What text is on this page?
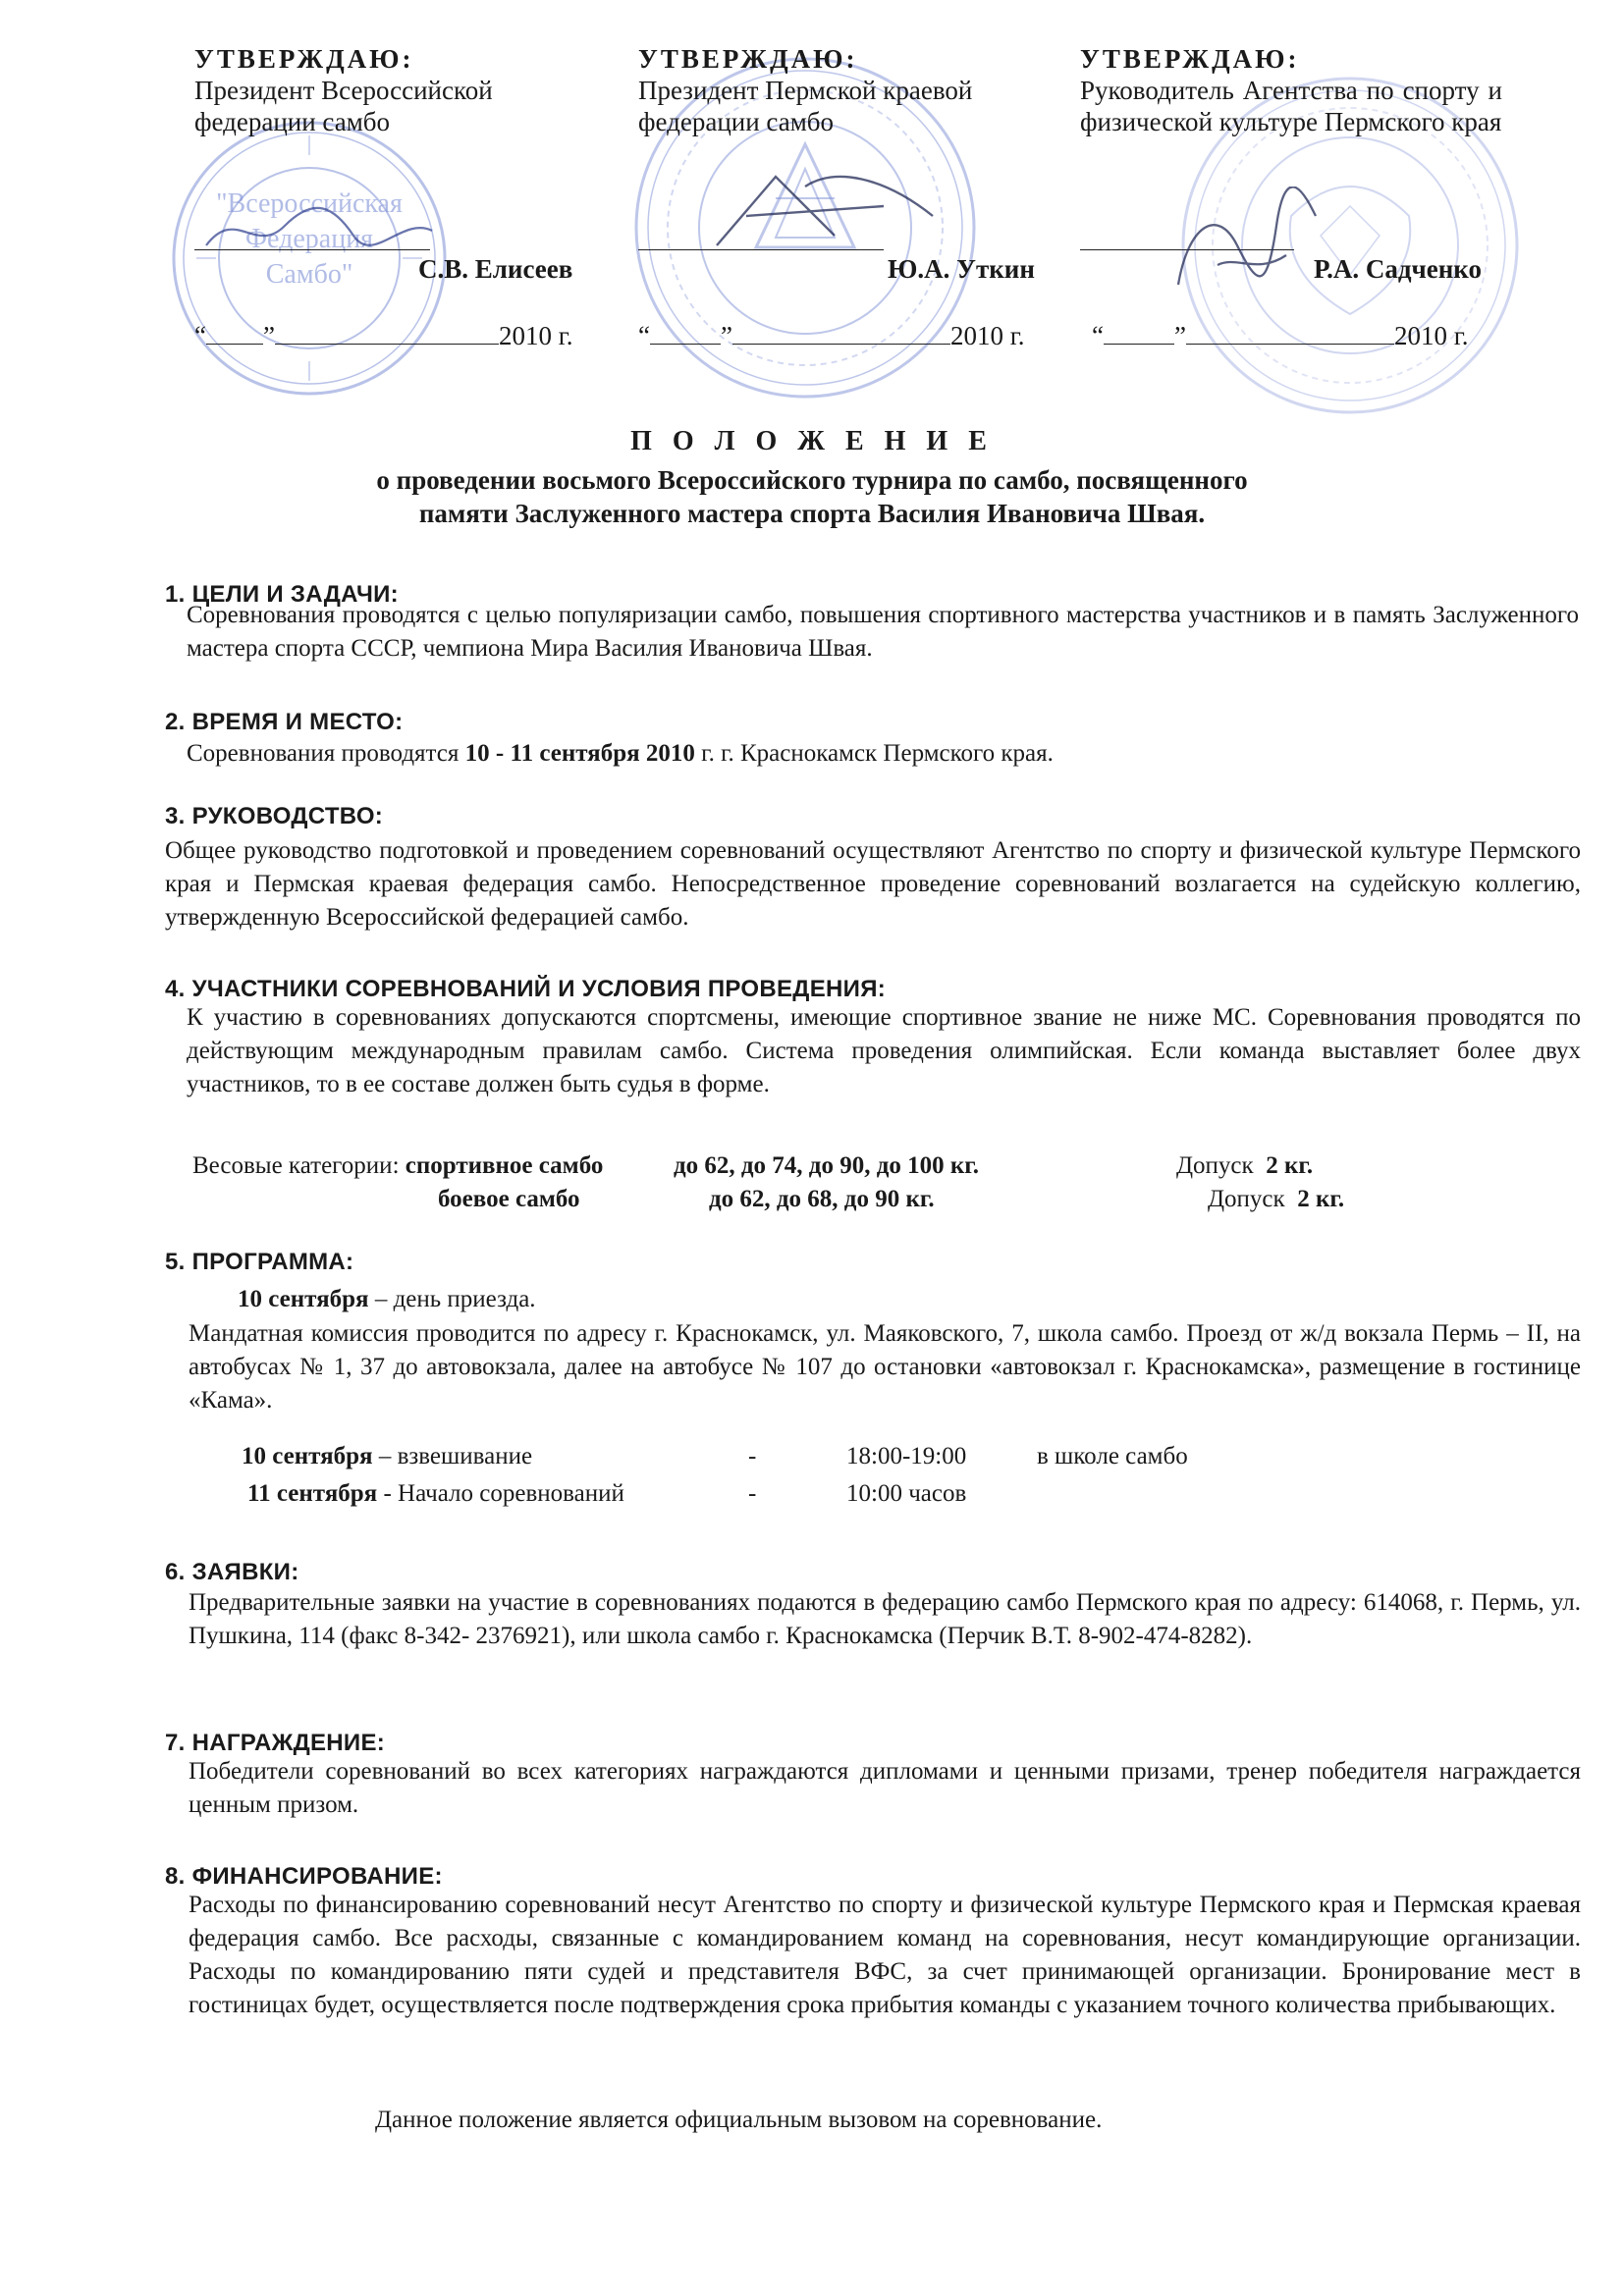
"Всероссийская
Федерация
Самбо"
УТВЕРЖДАЮ:
Президент Всероссийской федерации самбо
С.В. Елисеев
“ ”	2010 г.
УТВЕРЖДАЮ:
Президент Пермской краевой федерации самбо
Ю.А. Уткин
“	”	2010 г.
УТВЕРЖДАЮ:
Руководитель Агентства по спорту и физической культуре Пермского края
Р.А. Садченко
“	”	2010 г.
П О Л О Ж Е Н И Е
о проведении восьмого Всероссийского турнира по самбо, посвященного
памяти Заслуженного мастера спорта Василия Ивановича Швая.
1. ЦЕЛИ И ЗАДАЧИ:
Соревнования проводятся с целью популяризации самбо, повышения спортивного мастерства участников и в память Заслуженного мастера спорта СССР, чемпиона Мира Василия Ивановича Швая.
2. ВРЕМЯ И МЕСТО:
Соревнования проводятся 10 - 11 сентября 2010 г. г. Краснокамск Пермского края.
3. РУКОВОДСТВО:
Общее руководство подготовкой и проведением соревнований осуществляют Агентство по спорту и физической культуре Пермского края и Пермская краевая федерация самбо. Непосредственное проведение соревнований возлагается на судейскую коллегию, утвержденную Всероссийской федерацией самбо.
4. УЧАСТНИКИ СОРЕВНОВАНИЙ И УСЛОВИЯ ПРОВЕДЕНИЯ:
К участию в соревнованиях допускаются спортсмены, имеющие спортивное звание не ниже МС. Соревнования проводятся по действующим международным правилам самбо. Система проведения олимпийская. Если команда выставляет более двух участников, то в ее составе должен быть судья в форме.
Весовые категории: спортивное самбо	до 62, до 74, до 90, до 100 кг.	Допуск 2 кг.
боевое самбо	до 62, до 68, до 90 кг.	Допуск 2 кг.
5. ПРОГРАММА:
10 сентября – день приезда.
Мандатная комиссия проводится по адресу г. Краснокамск, ул. Маяковского, 7, школа самбо. Проезд от ж/д вокзала Пермь – II, на автобусах № 1, 37 до автовокзала, далее на автобусе № 107 до остановки «автовокзал г. Краснокамска», размещение в гостинице «Кама».
10 сентября – взвешивание	-	18:00-19:00	в школе самбо
11 сентября - Начало соревнований	-	10:00 часов
6. ЗАЯВКИ:
Предварительные заявки на участие в соревнованиях подаются в федерацию самбо Пермского края по адресу: 614068, г. Пермь, ул. Пушкина, 114 (факс 8-342- 2376921), или школа самбо г. Краснокамска (Перчик В.Т. 8-902-474-8282).
7. НАГРАЖДЕНИЕ:
Победители соревнований во всех категориях награждаются дипломами и ценными призами, тренер победителя награждается ценным призом.
8. ФИНАНСИРОВАНИЕ:
Расходы по финансированию соревнований несут Агентство по спорту и физической культуре Пермского края и Пермская краевая федерация самбо. Все расходы, связанные с командированием команд на соревнования, несут командирующие организации. Расходы по командированию пяти судей и представителя ВФС, за счет принимающей организации. Бронирование мест в гостиницах будет, осуществляется после подтверждения срока прибытия команды с указанием точного количества прибывающих.
Данное положение является официальным вызовом на соревнование.
